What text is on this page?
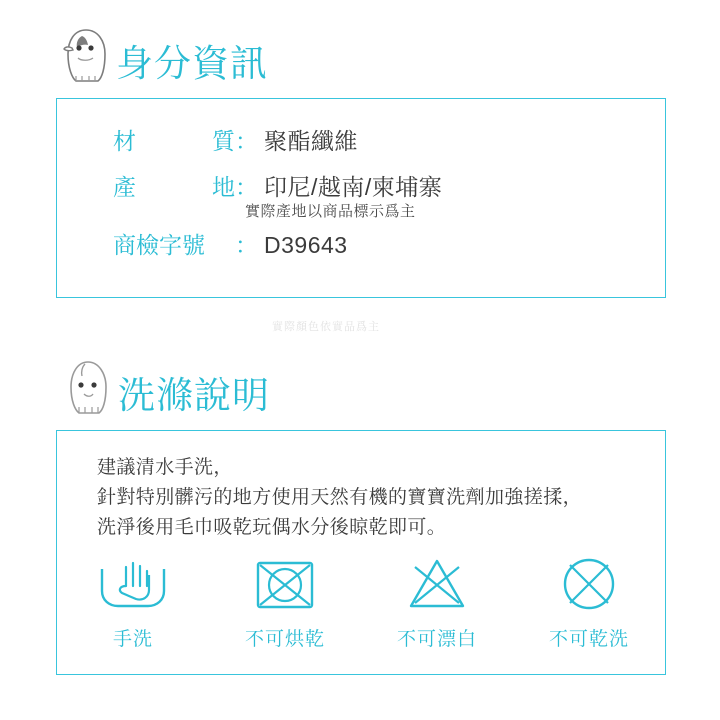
身分資訊
材	質 ： 聚酯纖維
產	地 ： 印尼/越南/柬埔寨
實際產地以商品標示爲主
商檢字號 ： D39643
實際顏色依實品爲主
洗滌說明
建議清水手洗，
針對特別髒污的地方使用天然有機的寶寶洗劑加強搓揉，
洗淨後用毛巾吸乾玩偶水分後晾乾即可。
手洗	不可烘乾	不可漂白	不可乾洗
